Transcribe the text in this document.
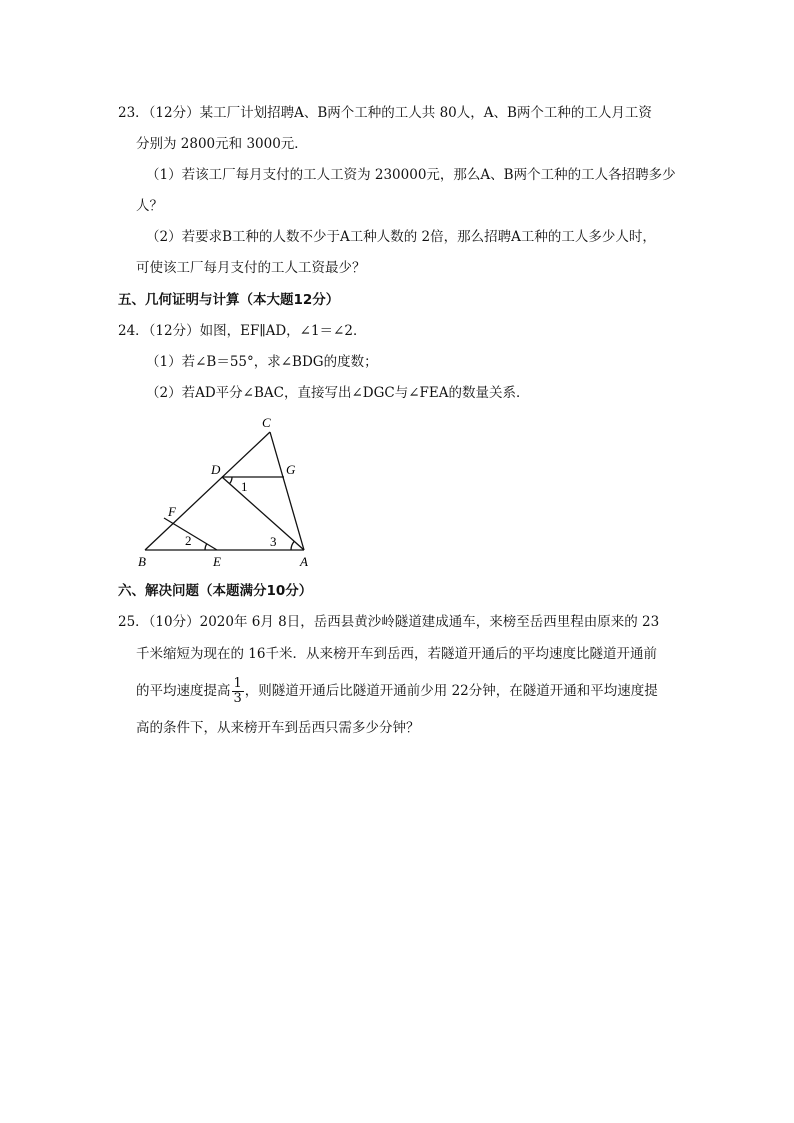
23．（12分）某工厂计划招聘A、B两个工种的工人共 80人，A、B两个工种的工人月工资
分别为 2800元和 3000元．
（1）若该工厂每月支付的工人工资为 230000元，那么A、B两个工种的工人各招聘多少
人？
（2）若要求B工种的人数不少于A工种人数的 2倍，那么招聘A工种的工人多少人时，
可使该工厂每月支付的工人工资最少？
五、几何证明与计算（本大题12分）
24．（12分）如图，EF∥AD，∠1＝∠2．
（1）若∠B＝55°，求∠BDG的度数；
（2）若AD平分∠BAC，直接写出∠DGC与∠FEA的数量关系．
C
D	G
F
B	E	A
1
2	3
六、解决问题（本题满分10分）
25．（10分）2020年 6月 8日，岳西县黄沙岭隧道建成通车，来榜至岳西里程由原来的 23
千米缩短为现在的 16千米．从来榜开车到岳西，若隧道开通后的平均速度比隧道开通前
的平均速度提高 $\frac{1}{3}$ ，则隧道开通后比隧道开通前少用 22分钟，在隧道开通和平均速度提
高的条件下，从来榜开车到岳西只需多少分钟？
